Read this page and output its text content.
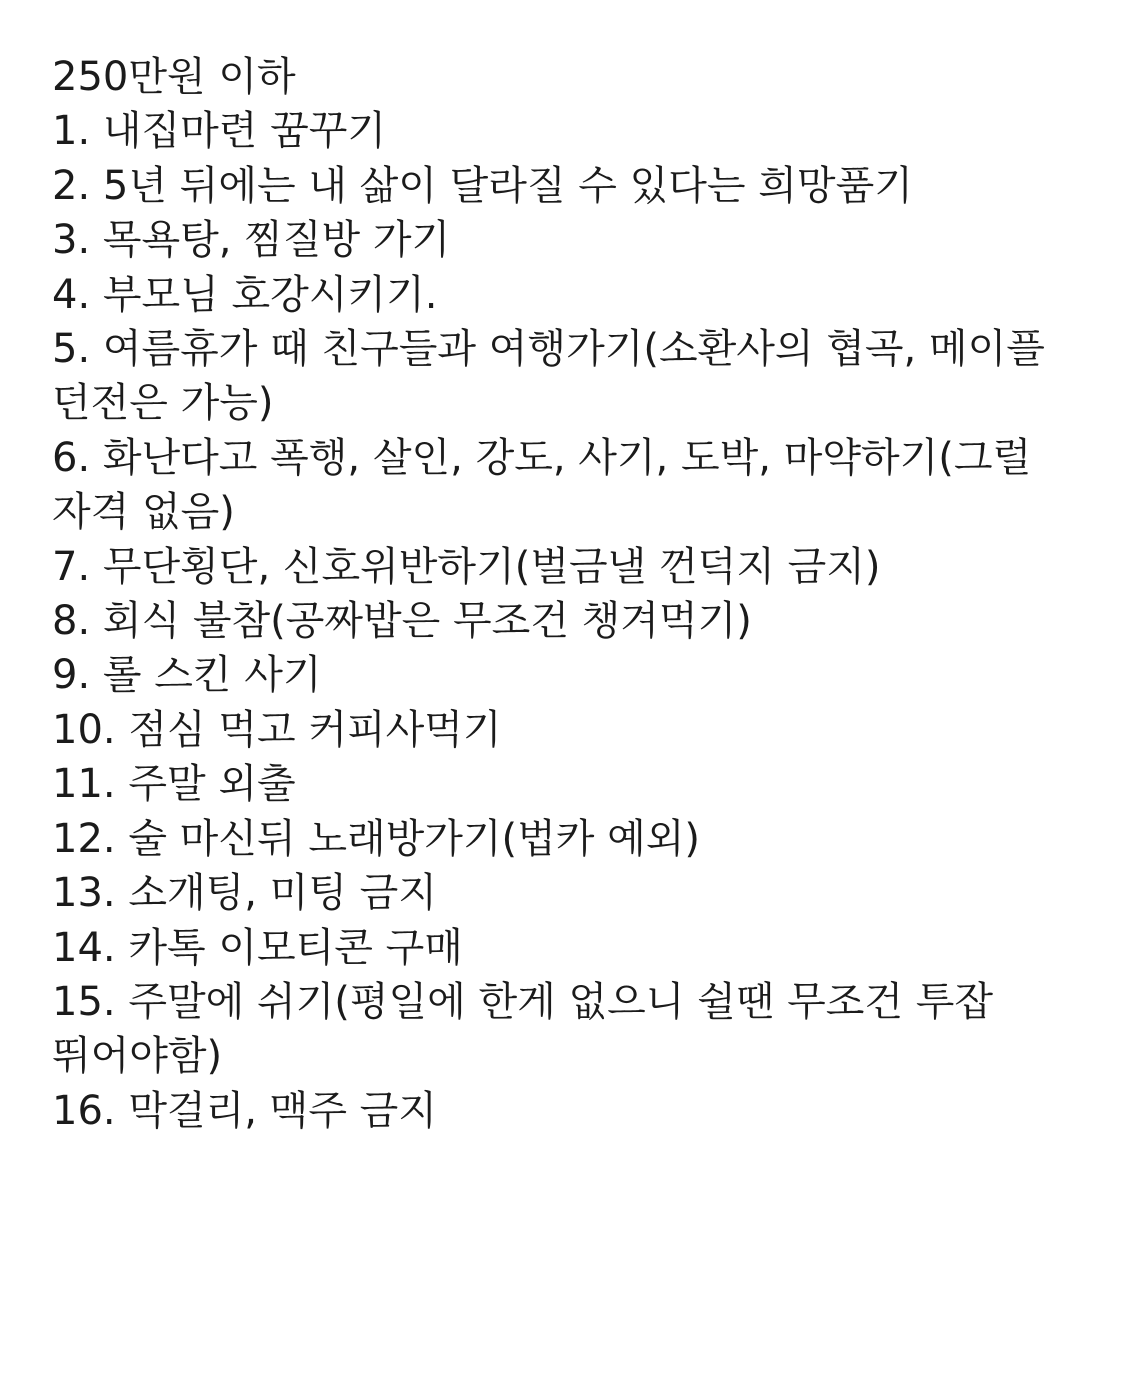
250만원 이하
1. 내집마련 꿈꾸기
2. 5년 뒤에는 내 삶이 달라질 수 있다는 희망품기
3. 목욕탕, 찜질방 가기
4. 부모님 호강시키기.
5. 여름휴가 때 친구들과 여행가기(소환사의 협곡, 메이플 던전은 가능)
6. 화난다고 폭행, 살인, 강도, 사기, 도박, 마약하기(그럴 자격 없음)
7. 무단횡단, 신호위반하기(벌금낼 껀덕지 금지)
8. 회식 불참(공짜밥은 무조건 챙겨먹기)
9. 롤 스킨 사기
10. 점심 먹고 커피사먹기
11. 주말 외출
12. 술 마신뒤 노래방가기(법카 예외)
13. 소개팅, 미팅 금지
14. 카톡 이모티콘 구매
15. 주말에 쉬기(평일에 한게 없으니 쉴땐 무조건 투잡 뛰어야함)
16. 막걸리, 맥주 금지
